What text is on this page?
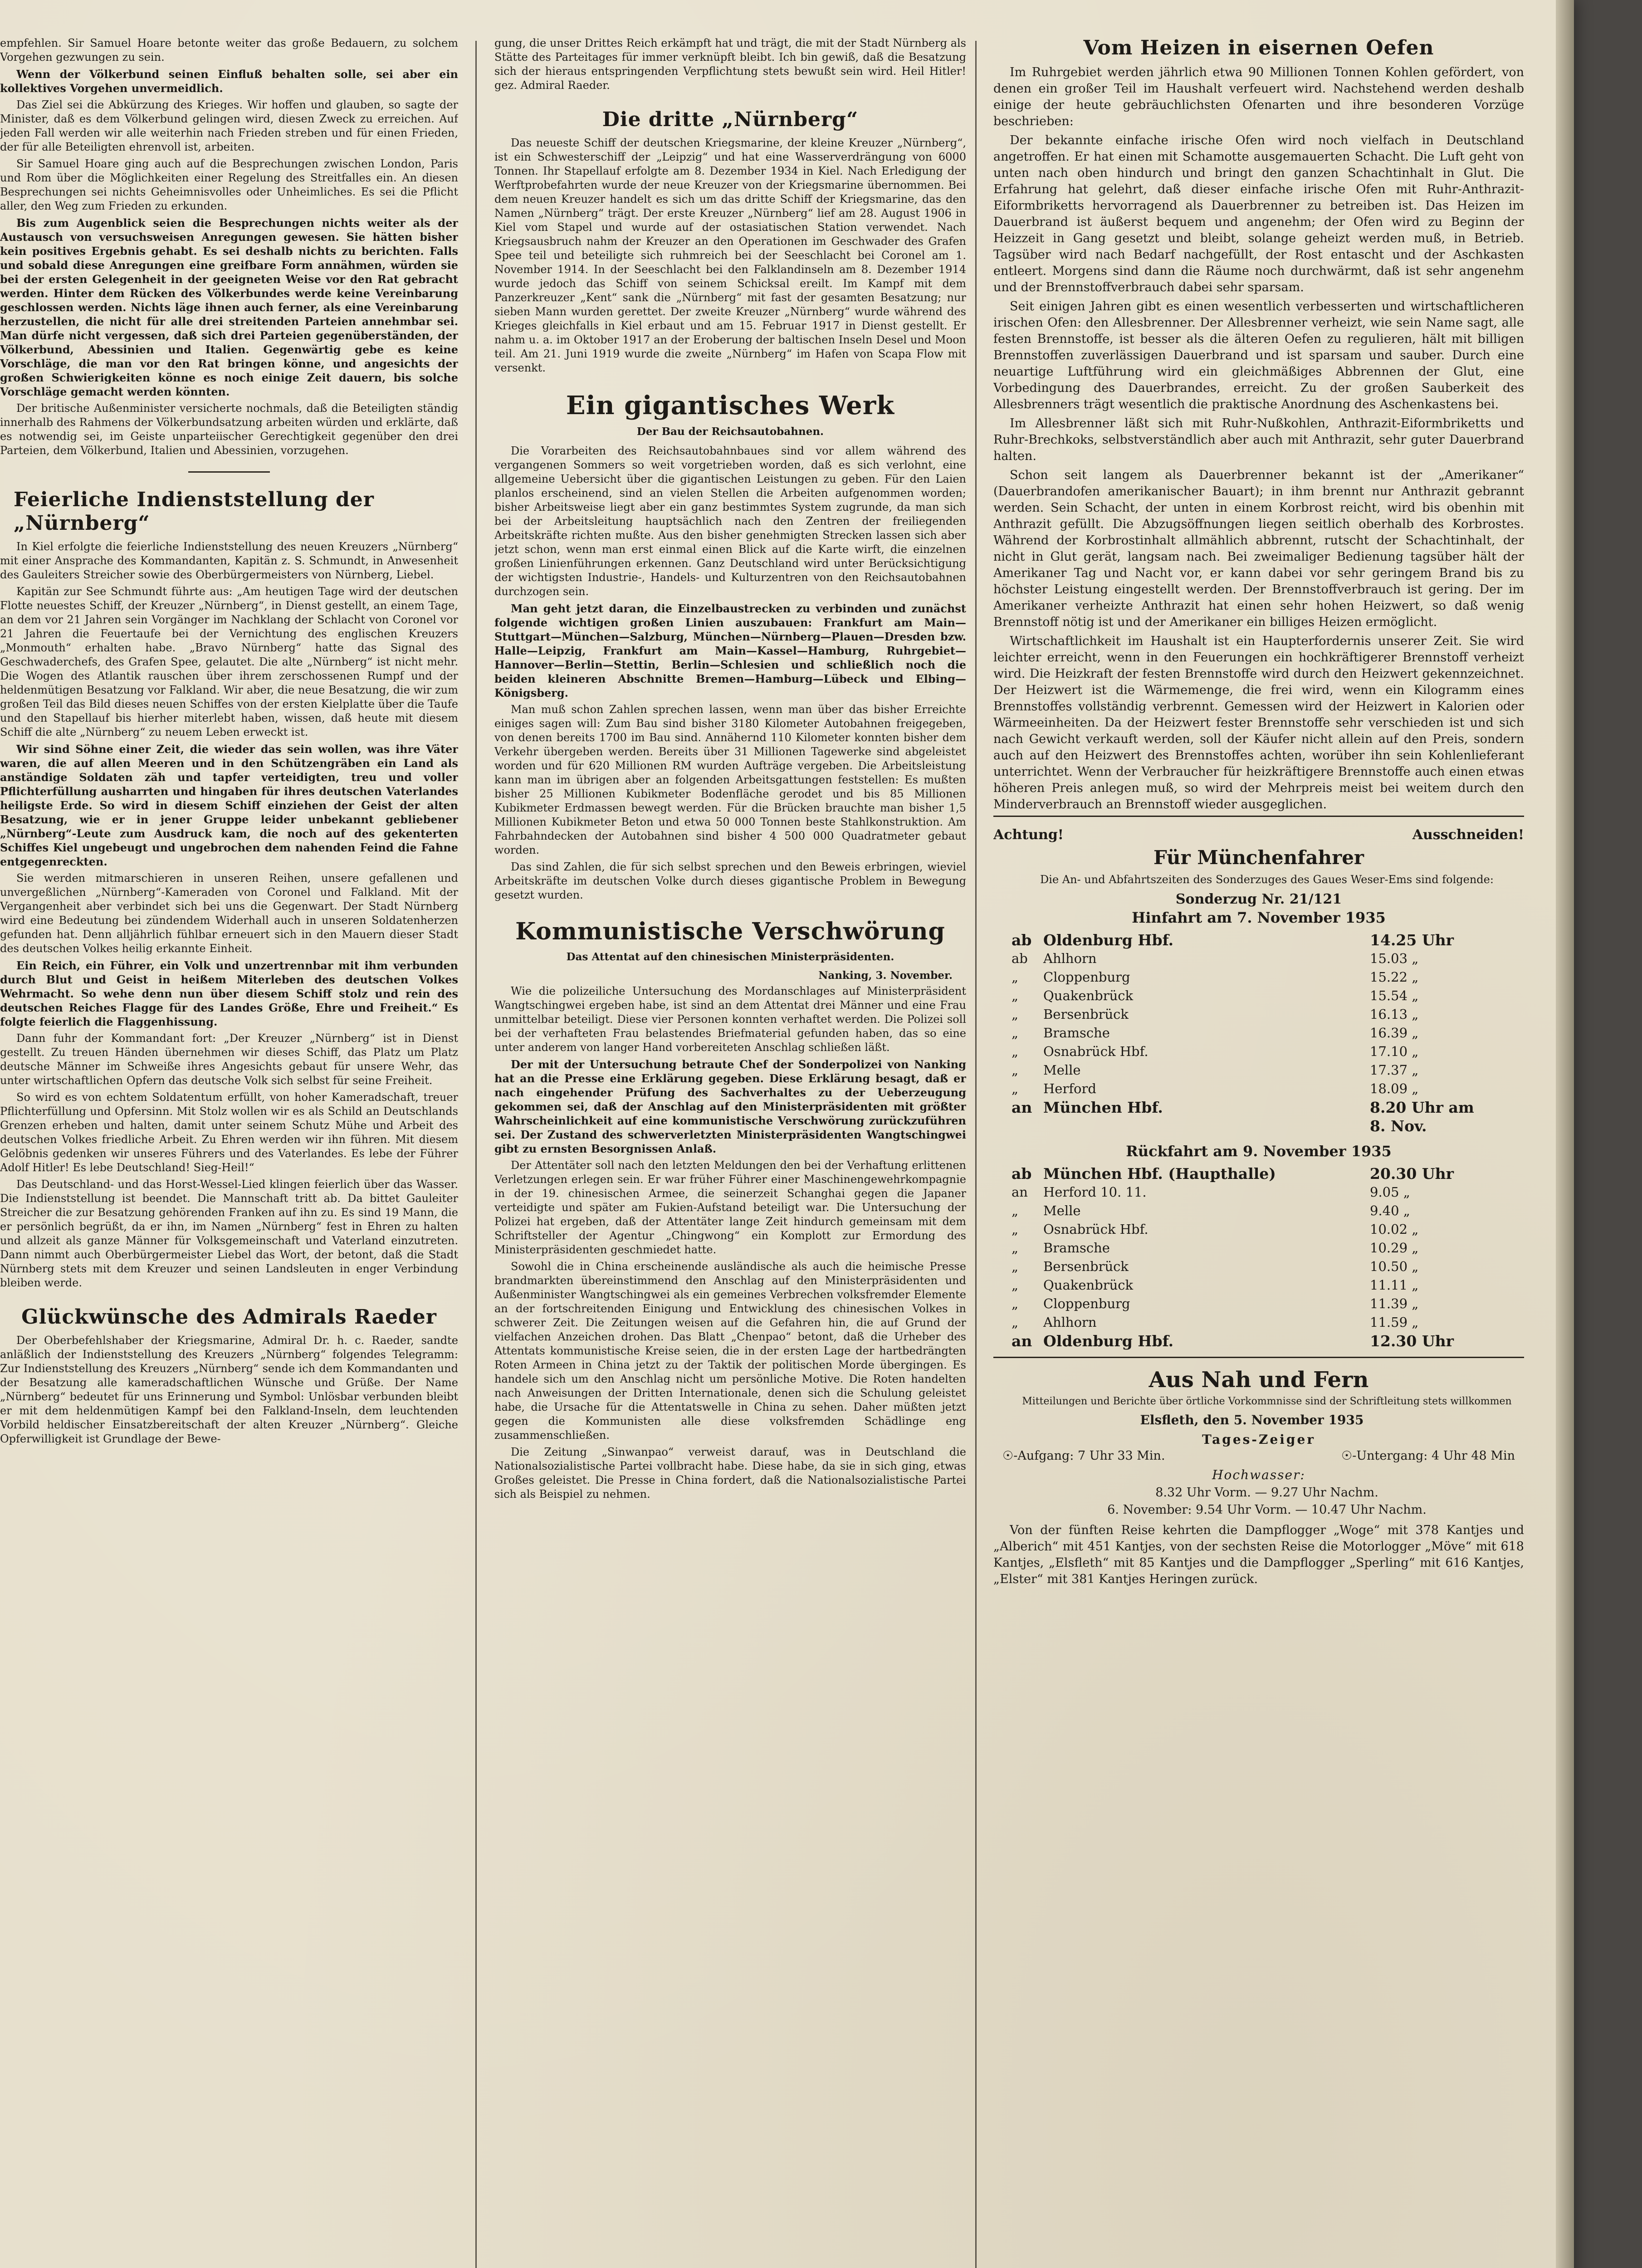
empfehlen. Sir Samuel Hoare betonte weiter das große Bedauern, zu solchem Vorgehen gezwungen zu sein.

Wenn der Völkerbund seinen Einfluß behalten solle, sei aber ein kollektives Vorgehen unvermeidlich.

Das Ziel sei die Abkürzung des Krieges. Wir hoffen und glauben, so sagte der Minister, daß es dem Völkerbund gelingen wird, diesen Zweck zu erreichen. Auf jeden Fall werden wir alle weiterhin nach Frieden streben und für einen Frieden, der für alle Beteiligten ehrenvoll ist, arbeiten.

Sir Samuel Hoare ging auch auf die Besprechungen zwischen London, Paris und Rom über die Möglichkeiten einer Regelung des Streitfalles ein. An diesen Besprechungen sei nichts Geheimnisvolles oder Unheimliches. Es sei die Pflicht aller, den Weg zum Frieden zu erkunden.

Bis zum Augenblick seien die Besprechungen nichts weiter als der Austausch von versuchsweisen Anregungen gewesen. Sie hätten bisher kein positives Ergebnis gehabt. Es sei deshalb nichts zu berichten. Falls und sobald diese Anregungen eine greifbare Form annähmen, würden sie bei der ersten Gelegenheit in der geeigneten Weise vor den Rat gebracht werden. Hinter dem Rücken des Völkerbundes werde keine Vereinbarung geschlossen werden. Nichts läge ihnen auch ferner, als eine Vereinbarung herzustellen, die nicht für alle drei streitenden Parteien annehmbar sei. Man dürfe nicht vergessen, daß sich drei Parteien gegenüberständen, der Völkerbund, Abessinien und Italien. Gegenwärtig gebe es keine Vorschläge, die man vor den Rat bringen könne, und angesichts der großen Schwierigkeiten könne es noch einige Zeit dauern, bis solche Vorschläge gemacht werden könnten.

Der britische Außenminister versicherte nochmals, daß die Beteiligten ständig innerhalb des Rahmens der Völkerbundsatzung arbeiten würden und erklärte, daß es notwendig sei, im Geiste unparteiischer Gerechtigkeit gegenüber den drei Parteien, dem Völkerbund, Italien und Abessinien, vorzugehen.

Feierliche Indienststellung der „Nürnberg“

In Kiel erfolgte die feierliche Indienststellung des neuen Kreuzers „Nürnberg“ mit einer Ansprache des Kommandanten, Kapitän z. S. Schmundt, in Anwesenheit des Gauleiters Streicher sowie des Oberbürgermeisters von Nürnberg, Liebel.

Kapitän zur See Schmundt führte aus: „Am heutigen Tage wird der deutschen Flotte neuestes Schiff, der Kreuzer „Nürnberg“, in Dienst gestellt, an einem Tage, an dem vor 21 Jahren sein Vorgänger im Nachklang der Schlacht von Coronel vor 21 Jahren die Feuertaufe bei der Vernichtung des englischen Kreuzers „Monmouth“ erhalten habe. „Bravo Nürnberg“ hatte das Signal des Geschwaderchefs, des Grafen Spee, gelautet. Die alte „Nürnberg“ ist nicht mehr. Die Wogen des Atlantik rauschen über ihrem zerschossenen Rumpf und der heldenmütigen Besatzung vor Falkland. Wir aber, die neue Besatzung, die wir zum großen Teil das Bild dieses neuen Schiffes von der ersten Kielplatte über die Taufe und den Stapellauf bis hierher miterlebt haben, wissen, daß heute mit diesem Schiff die alte „Nürnberg“ zu neuem Leben erweckt ist.

Wir sind Söhne einer Zeit, die wieder das sein wollen, was ihre Väter waren, die auf allen Meeren und in den Schützengräben ein Land als anständige Soldaten zäh und tapfer verteidigten, treu und voller Pflichterfüllung ausharrten und hingaben für ihres deutschen Vaterlandes heiligste Erde. So wird in diesem Schiff einziehen der Geist der alten Besatzung, wie er in jener Gruppe leider unbekannt gebliebener „Nürnberg“-Leute zum Ausdruck kam, die noch auf des gekenterten Schiffes Kiel ungebeugt und ungebrochen dem nahenden Feind die Fahne entgegenreckten.

Sie werden mitmarschieren in unseren Reihen, unsere gefallenen und unvergeßlichen „Nürnberg“-Kameraden von Coronel und Falkland. Mit der Vergangenheit aber verbindet sich bei uns die Gegenwart. Der Stadt Nürnberg wird eine Bedeutung bei zündendem Widerhall auch in unseren Soldatenherzen gefunden hat. Denn alljährlich fühlbar erneuert sich in den Mauern dieser Stadt des deutschen Volkes heilig erkannte Einheit.

Ein Reich, ein Führer, ein Volk und unzertrennbar mit ihm verbunden durch Blut und Geist in heißem Miterleben des deutschen Volkes Wehrmacht. So wehe denn nun über diesem Schiff stolz und rein des deutschen Reiches Flagge für des Landes Größe, Ehre und Freiheit.“ Es folgte feierlich die Flaggenhissung.

Dann fuhr der Kommandant fort: „Der Kreuzer „Nürnberg“ ist in Dienst gestellt. Zu treuen Händen übernehmen wir dieses Schiff, das Platz um Platz deutsche Männer im Schweiße ihres Angesichts gebaut für unsere Wehr, das unter wirtschaftlichen Opfern das deutsche Volk sich selbst für seine Freiheit.

So wird es von echtem Soldatentum erfüllt, von hoher Kameradschaft, treuer Pflichterfüllung und Opfersinn. Mit Stolz wollen wir es als Schild an Deutschlands Grenzen erheben und halten, damit unter seinem Schutz Mühe und Arbeit des deutschen Volkes friedliche Arbeit. Zu Ehren werden wir ihn führen. Mit diesem Gelöbnis gedenken wir unseres Führers und des Vaterlandes. Es lebe der Führer Adolf Hitler! Es lebe Deutschland! Sieg-Heil!“

Das Deutschland- und das Horst-Wessel-Lied klingen feierlich über das Wasser. Die Indienststellung ist beendet. Die Mannschaft tritt ab. Da bittet Gauleiter Streicher die zur Besatzung gehörenden Franken auf ihn zu. Es sind 19 Mann, die er persönlich begrüßt, da er ihn, im Namen „Nürnberg“ fest in Ehren zu halten und allzeit als ganze Männer für Volksgemeinschaft und Vaterland einzutreten. Dann nimmt auch Oberbürgermeister Liebel das Wort, der betont, daß die Stadt Nürnberg stets mit dem Kreuzer und seinen Landsleuten in enger Verbindung bleiben werde.

Glückwünsche des Admirals Raeder

Der Oberbefehlshaber der Kriegsmarine, Admiral Dr. h. c. Raeder, sandte anläßlich der Indienststellung des Kreuzers „Nürnberg“ folgendes Telegramm: Zur Indienststellung des Kreuzers „Nürnberg“ sende ich dem Kommandanten und der Besatzung alle kameradschaftlichen Wünsche und Grüße. Der Name „Nürnberg“ bedeutet für uns Erinnerung und Symbol: Unlösbar verbunden bleibt er mit dem heldenmütigen Kampf bei den Falkland-Inseln, dem leuchtenden Vorbild heldischer Einsatzbereitschaft der alten Kreuzer „Nürnberg“. Gleiche Opferwilligkeit ist Grundlage der Bewe-

gung, die unser Drittes Reich erkämpft hat und trägt, die mit der Stadt Nürnberg als Stätte des Parteitages für immer verknüpft bleibt. Ich bin gewiß, daß die Besatzung sich der hieraus entspringenden Verpflichtung stets bewußt sein wird. Heil Hitler! gez. Admiral Raeder.

Die dritte „Nürnberg“

Das neueste Schiff der deutschen Kriegsmarine, der kleine Kreuzer „Nürnberg“, ist ein Schwesterschiff der „Leipzig“ und hat eine Wasserverdrängung von 6000 Tonnen. Ihr Stapellauf erfolgte am 8. Dezember 1934 in Kiel. Nach Erledigung der Werftprobefahrten wurde der neue Kreuzer von der Kriegsmarine übernommen. Bei dem neuen Kreuzer handelt es sich um das dritte Schiff der Kriegsmarine, das den Namen „Nürnberg“ trägt. Der erste Kreuzer „Nürnberg“ lief am 28. August 1906 in Kiel vom Stapel und wurde auf der ostasiatischen Station verwendet. Nach Kriegsausbruch nahm der Kreuzer an den Operationen im Geschwader des Grafen Spee teil und beteiligte sich ruhmreich bei der Seeschlacht bei Coronel am 1. November 1914. In der Seeschlacht bei den Falklandinseln am 8. Dezember 1914 wurde jedoch das Schiff von seinem Schicksal ereilt. Im Kampf mit dem Panzerkreuzer „Kent“ sank die „Nürnberg“ mit fast der gesamten Besatzung; nur sieben Mann wurden gerettet. Der zweite Kreuzer „Nürnberg“ wurde während des Krieges gleichfalls in Kiel erbaut und am 15. Februar 1917 in Dienst gestellt. Er nahm u. a. im Oktober 1917 an der Eroberung der baltischen Inseln Desel und Moon teil. Am 21. Juni 1919 wurde die zweite „Nürnberg“ im Hafen von Scapa Flow mit versenkt.

Ein gigantisches Werk
Der Bau der Reichsautobahnen.

Die Vorarbeiten des Reichsautobahnbaues sind vor allem während des vergangenen Sommers so weit vorgetrieben worden, daß es sich verlohnt, eine allgemeine Uebersicht über die gigantischen Leistungen zu geben. Für den Laien planlos erscheinend, sind an vielen Stellen die Arbeiten aufgenommen worden; bisher Arbeitsweise liegt aber ein ganz bestimmtes System zugrunde, da man sich bei der Arbeitsleitung hauptsächlich nach den Zentren der freiliegenden Arbeitskräfte richten mußte. Aus den bisher genehmigten Strecken lassen sich aber jetzt schon, wenn man erst einmal einen Blick auf die Karte wirft, die einzelnen großen Linienführungen erkennen. Ganz Deutschland wird unter Berücksichtigung der wichtigsten Industrie-, Handels- und Kulturzentren von den Reichsautobahnen durchzogen sein.

Man geht jetzt daran, die Einzelbaustrecken zu verbinden und zunächst folgende wichtigen großen Linien auszubauen: Frankfurt am Main—Stuttgart—München—Salzburg, München—Nürnberg—Plauen—Dresden bzw. Halle—Leipzig, Frankfurt am Main—Kassel—Hamburg, Ruhrgebiet—Hannover—Berlin—Stettin, Berlin—Schlesien und schließlich noch die beiden kleineren Abschnitte Bremen—Hamburg—Lübeck und Elbing—Königsberg.

Man muß schon Zahlen sprechen lassen, wenn man über das bisher Erreichte einiges sagen will: Zum Bau sind bisher 3180 Kilometer Autobahnen freigegeben, von denen bereits 1700 im Bau sind. Annähernd 110 Kilometer konnten bisher dem Verkehr übergeben werden. Bereits über 31 Millionen Tagewerke sind abgeleistet worden und für 620 Millionen RM wurden Aufträge vergeben. Die Arbeitsleistung kann man im übrigen aber an folgenden Arbeitsgattungen feststellen: Es mußten bisher 25 Millionen Kubikmeter Bodenfläche gerodet und bis 85 Millionen Kubikmeter Erdmassen bewegt werden. Für die Brücken brauchte man bisher 1,5 Millionen Kubikmeter Beton und etwa 50 000 Tonnen beste Stahlkonstruktion. Am Fahrbahndecken der Autobahnen sind bisher 4 500 000 Quadratmeter gebaut worden.

Das sind Zahlen, die für sich selbst sprechen und den Beweis erbringen, wieviel Arbeitskräfte im deutschen Volke durch dieses gigantische Problem in Bewegung gesetzt wurden.

Kommunistische Verschwörung
Das Attentat auf den chinesischen Ministerpräsidenten.
Nanking, 3. November.

Wie die polizeiliche Untersuchung des Mordanschlages auf Ministerpräsident Wangtschingwei ergeben habe, ist sind an dem Attentat drei Männer und eine Frau unmittelbar beteiligt. Diese vier Personen konnten verhaftet werden. Die Polizei soll bei der verhafteten Frau belastendes Briefmaterial gefunden haben, das so eine unter anderem von langer Hand vorbereiteten Anschlag schließen läßt.

Der mit der Untersuchung betraute Chef der Sonderpolizei von Nanking hat an die Presse eine Erklärung gegeben. Diese Erklärung besagt, daß er nach eingehender Prüfung des Sachverhaltes zu der Ueberzeugung gekommen sei, daß der Anschlag auf den Ministerpräsidenten mit größter Wahrscheinlichkeit auf eine kommunistische Verschwörung zurückzuführen sei. Der Zustand des schwerverletzten Ministerpräsidenten Wangtschingwei gibt zu ernsten Besorgnissen Anlaß.

Der Attentäter soll nach den letzten Meldungen den bei der Verhaftung erlittenen Verletzungen erlegen sein. Er war früher Führer einer Maschinengewehrkompagnie in der 19. chinesischen Armee, die seinerzeit Schanghai gegen die Japaner verteidigte und später am Fukien-Aufstand beteiligt war. Die Untersuchung der Polizei hat ergeben, daß der Attentäter lange Zeit hindurch gemeinsam mit dem Schriftsteller der Agentur „Chingwong“ ein Komplott zur Ermordung des Ministerpräsidenten geschmiedet hatte.

Sowohl die in China erscheinende ausländische als auch die heimische Presse brandmarkten übereinstimmend den Anschlag auf den Ministerpräsidenten und Außenminister Wangtschingwei als ein gemeines Verbrechen volksfremder Elemente an der fortschreitenden Einigung und Entwicklung des chinesischen Volkes in schwerer Zeit. Die Zeitungen weisen auf die Gefahren hin, die auf Grund der vielfachen Anzeichen drohen. Das Blatt „Chenpao“ betont, daß die Urheber des Attentats kommunistische Kreise seien, die in der ersten Lage der hartbedrängten Roten Armeen in China jetzt zu der Taktik der politischen Morde übergingen. Es handele sich um den Anschlag nicht um persönliche Motive. Die Roten handelten nach Anweisungen der Dritten Internationale, denen sich die Schulung geleistet habe, die Ursache für die Attentatswelle in China zu sehen. Daher müßten jetzt gegen die Kommunisten alle diese volksfremden Schädlinge eng zusammenschließen.

Die Zeitung „Sinwanpao“ verweist darauf, was in Deutschland die Nationalsozialistische Partei vollbracht habe. Diese habe, da sie in sich ging, etwas Großes geleistet. Die Presse in China fordert, daß die Nationalsozialistische Partei sich als Beispiel zu nehmen.

Vom Heizen in eisernen Oefen

Im Ruhrgebiet werden jährlich etwa 90 Millionen Tonnen Kohlen gefördert, von denen ein großer Teil im Haushalt verfeuert wird. Nachstehend werden deshalb einige der heute gebräuchlichsten Ofenarten und ihre besonderen Vorzüge beschrieben:

Der bekannte einfache irische Ofen wird noch vielfach in Deutschland angetroffen. Er hat einen mit Schamotte ausgemauerten Schacht. Die Luft geht von unten nach oben hindurch und bringt den ganzen Schachtinhalt in Glut. Die Erfahrung hat gelehrt, daß dieser einfache irische Ofen mit Ruhr-Anthrazit-Eiformbriketts hervorragend als Dauerbrenner zu betreiben ist. Das Heizen im Dauerbrand ist äußerst bequem und angenehm; der Ofen wird zu Beginn der Heizzeit in Gang gesetzt und bleibt, solange geheizt werden muß, in Betrieb. Tagsüber wird nach Bedarf nachgefüllt, der Rost entascht und der Aschkasten entleert. Morgens sind dann die Räume noch durchwärmt, daß ist sehr angenehm und der Brennstoffverbrauch dabei sehr sparsam.

Seit einigen Jahren gibt es einen wesentlich verbesserten und wirtschaftlicheren irischen Ofen: den Allesbrenner. Der Allesbrenner verheizt, wie sein Name sagt, alle festen Brennstoffe, ist besser als die älteren Oefen zu regulieren, hält mit billigen Brennstoffen zuverlässigen Dauerbrand und ist sparsam und sauber. Durch eine neuartige Luftführung wird ein gleichmäßiges Abbrennen der Glut, eine Vorbedingung des Dauerbrandes, erreicht. Zu der großen Sauberkeit des Allesbrenners trägt wesentlich die praktische Anordnung des Aschenkastens bei.

Im Allesbrenner läßt sich mit Ruhr-Nußkohlen, Anthrazit-Eiformbriketts und Ruhr-Brechkoks, selbstverständlich aber auch mit Anthrazit, sehr guter Dauerbrand halten.

Schon seit langem als Dauerbrenner bekannt ist der „Amerikaner“ (Dauerbrandofen amerikanischer Bauart); in ihm brennt nur Anthrazit gebrannt werden. Sein Schacht, der unten in einem Korbrost reicht, wird bis obenhin mit Anthrazit gefüllt. Die Abzugsöffnungen liegen seitlich oberhalb des Korbrostes. Während der Korbrostinhalt allmählich abbrennt, rutscht der Schachtinhalt, der nicht in Glut gerät, langsam nach. Bei zweimaliger Bedienung tagsüber hält der Amerikaner Tag und Nacht vor, er kann dabei vor sehr geringem Brand bis zu höchster Leistung eingestellt werden. Der Brennstoffverbrauch ist gering. Der im Amerikaner verheizte Anthrazit hat einen sehr hohen Heizwert, so daß wenig Brennstoff nötig ist und der Amerikaner ein billiges Heizen ermöglicht.

Wirtschaftlichkeit im Haushalt ist ein Haupterfordernis unserer Zeit. Sie wird leichter erreicht, wenn in den Feuerungen ein hochkräftigerer Brennstoff verheizt wird. Die Heizkraft der festen Brennstoffe wird durch den Heizwert gekennzeichnet. Der Heizwert ist die Wärmemenge, die frei wird, wenn ein Kilogramm eines Brennstoffes vollständig verbrennt. Gemessen wird der Heizwert in Kalorien oder Wärmeeinheiten. Da der Heizwert fester Brennstoffe sehr verschieden ist und sich nach Gewicht verkauft werden, soll der Käufer nicht allein auf den Preis, sondern auch auf den Heizwert des Brennstoffes achten, worüber ihn sein Kohlenlieferant unterrichtet. Wenn der Verbraucher für heizkräftigere Brennstoffe auch einen etwas höheren Preis anlegen muß, so wird der Mehrpreis meist bei weitem durch den Minderverbrauch an Brennstoff wieder ausgeglichen.

Achtung!	Ausschneiden!
Für Münchenfahrer

Die An- und Abfahrtszeiten des Sonderzuges des Gaues Weser-Ems sind folgende:

Sonderzug Nr. 21/121
Hinfahrt am 7. November 1935
ab Oldenburg Hbf.	14.25 Uhr
ab	Ahlhorn	15.03 „
„	Cloppenburg	15.22 „
„	Quakenbrück	15.54 „
„	Bersenbrück	16.13 „
„	Bramsche	16.39 „
„	Osnabrück Hbf.	17.10 „
„	Melle	17.37 „
„	Herford	18.09 „
an München Hbf.	8.20 Uhr am 8. Nov.
Rückfahrt am 9. November 1935
ab München Hbf. (Haupthalle)	20.30 Uhr
an	Herford 10. 11.	9.05 „
„	Melle	9.40 „
„	Osnabrück Hbf.	10.02 „
„	Bramsche	10.29 „
„	Bersenbrück	10.50 „
„	Quakenbrück	11.11 „
„	Cloppenburg	11.39 „
„	Ahlhorn	11.59 „
an Oldenburg Hbf.	12.30 Uhr
Aus Nah und Fern

Mitteilungen und Berichte über örtliche Vorkommnisse sind der Schriftleitung stets willkommen

Elsfleth, den 5. November 1935
Tages-Zeiger
☉-Aufgang: 7 Uhr 33 Min.	☉-Untergang: 4 Uhr 48 Min
Hochwasser:

8.32 Uhr Vorm. — 9.27 Uhr Nachm.

6. November: 9.54 Uhr Vorm. — 10.47 Uhr Nachm.

Von der fünften Reise kehrten die Dampflogger „Woge“ mit 378 Kantjes und „Alberich“ mit 451 Kantjes, von der sechsten Reise die Motorlogger „Möve“ mit 618 Kantjes, „Elsfleth“ mit 85 Kantjes und die Dampflogger „Sperling“ mit 616 Kantjes, „Elster“ mit 381 Kantjes Heringen zurück.
